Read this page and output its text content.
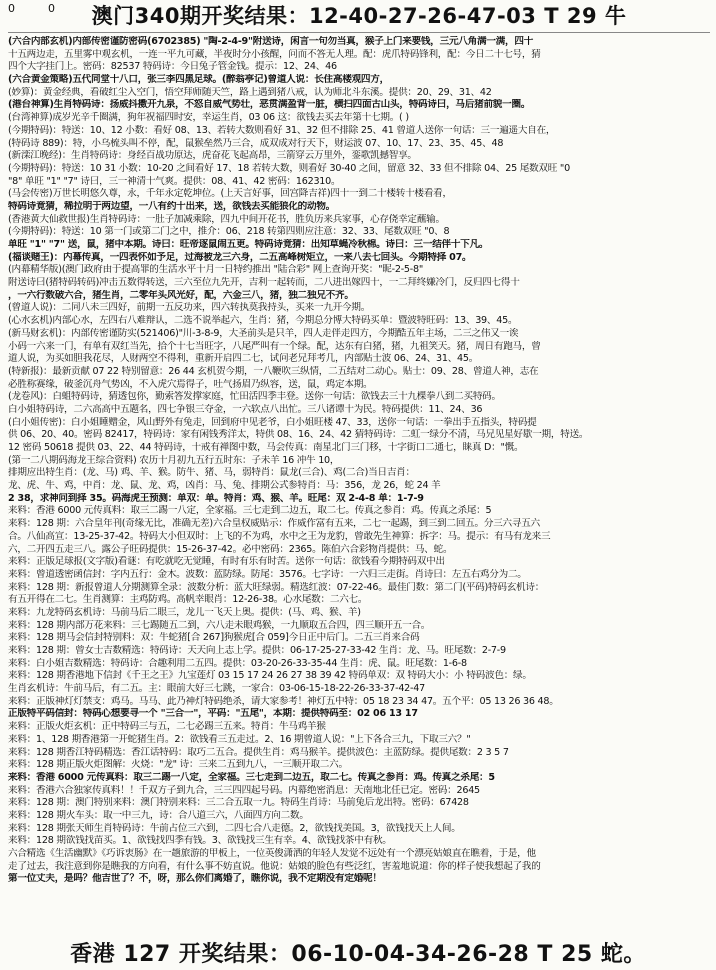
0	0 澳门340期开奖结果：12-40-27-26-47-03 T 29 牛
(六合内部玄机)内部传密谨防密码(6702385) "陶-2-4-9"附送诗，闲言一句勿当真，猴子上门来要钱，三元八角满一满，四十
十五两边走，五里雾中观玄机，一连一平九可藏，半夜时分小孩醒，问而不答无人理。配：虎爪特码锋利，配：今日二十七号，猜
四个大字挂门上。密码：82537 特码诗：今日兔子管金钱。提示：12、24、46
(六合黄金策略)五代同堂十八口，张三李四黑足球。(醉翁亭记)曾道人说：长住高楼观四方，
(妙算)：黄金经典，看破红尘入空门，悟空拜师随天竺，路上遇到猪八戒，认为师北斗东溪。提供：20、29、31、42
(港台神算)生肖特码诗：扬威抖擞开九泉，不怒自威气势壮，恶贯满盈背一脏，横扫四面古山头，特码诗曰，马后猪前貌一圈。
(台湾神算)成岁光辛千圈满，狗年祝福四时安，幸运生肖，03 06 这：欲钱去买去年第十七期。( )
(今期特码)：特送：10、12 小数：看好 08、13、若转大数则看好 31、32 但不排除 25、41 曾道人送你一句话：三一遍遥大自在，
(特码诗 889)：特，小乌梳头叫不停，配，鼠猴垒然乃三合，成双成对行天下，财运波 07、10、17、23、35、45、48
(新滦江晚经)：生肖特码诗：身经百战功原达，虎奋花飞起高昂，三箭穿云万里外，銮歌凯撼智享。
(今期特码)：特送：10 31 小数：10-20 之间看好 17、18 若转大数，则看好 30-40 之间，留意 32、33 但不排除 04、25 尾数双旺 "0
"8" 单旺 "1" "7" 诗曰，三一神清十气爽。提供：08、41、42 密码：162310。
(马会传密)万世长明悠久尊，永，千年永定乾坤位。(上天言好事，回宫降吉祥)四十一到二十楼转十楼看看，
特码诗竟猜，稀拉明于两边望，一八有约十出来，送，欲钱去买能狼化的动物。
(香港黄大仙救世报)生肖特码诗：一肚子加减乘除，四九中间开花书，胜负历来兵家事，心存侥幸定蘸输。
(今期特码)：特送：10 第一门或第二门之中，推介：06、218 转第四则应注意：32、33、尾数双旺 "0、8
单旺 "1" "7" 送，鼠，猪中本期。诗曰：旺帝逐鼠闹五更。特码诗竟猜：出知草蝇冷秋棉。诗曰：三一结伴十下凡。
(福谈赌王)：内幕传真，一四表怀如予足，过海被龙三六身，二五高峰树矩立，一来八去七回头。今期特择 07。
(内幕精华版)(澳门政府由于提高罪的生活水平十月一日特约推出 "陆合彩" 网上查询开奖："昵-2-5-8"
附送诗曰(猪特码转码)冲击五数得转送，三六至位九先开，吉利一起转而，二八进出嫁四十，一二拜终嫌冷门，反归四七得十
，一六行数破六合，猪生肖，二零年头风光好，配，六金三八，猪，独二独兄不齐。
(曾道人说)：二同八未三四好，前期一五反功来，四六转执莫我持头，买来一九开今期。
(心水玄机)内部心水，左四右八难辩认，二选不说举起六，生肖：猪，今期总分博大特码买单：暨波特旺码：13、39、45。
(新马财玄机)：内部传密谨防实(521406)"川-3-8-9，大圣前头是只羊，四人走伴走四方，今期酷五年主场，二三之伟又一诶
小码一六来一门，有单有双红当先，拾个十七当旺字，八尾严叫有一个绿。配，达东有白猪，猪，九祖笑天。猪，周日有跑马，曾
道人说，为买如胆我花尽，人财两空不得利，重新开启四二七，试问老兄拜考几，内部贴士波 06、24、31、45。
(特新报)：最新贡献 07 22 特别留意：26 44 玄机贺今期，一八鞭吹三纵情，二五结对二动心。贴士：09、28、曾道人神，志在
必胜称赛缘，破釜沉舟气势凶，不入虎穴焉得子，吐气扬眉乃纵容，送，鼠，鸡定本期。
(龙卷风)：白蛆特码诗，猜透包你，勤索答发撑家庭，忙田活四季丰登。送你一句话：欲钱去三十九棵拳八到二买特码。
白小姐特码诗，二六高高中五题名，四七争银三夺金，一六软点八出忙。三八诸谭十为民。特码提供：11、24、36
(白小姐传密)：白小姐睡赠金，风山野外有兔走，回到府中见老爷，白小姐旺楼 47、33，送你一句话：一拳出手五指头，特码提
供 06、20、40。密码 82417，特码诗：家有闲钱秀洋太，特供 08、16、24、42 猜特码诗：二虹一绿分不清，马兄见星好歇一期，特送。
12 密码 50618 提供 03、22、44 特码诗，十戒有禅图中数，马会传真：南星北门三门移，十字街口二通七，睐真 D："慨。
(第一二八期码海龙王综合资料) 农历十月初九五行五时东：子未羊 16 冲牛 10，
排期应出特生肖：(龙、马) 鸡、羊、猴。防牛、猪、马，弱特肖：鼠龙(三合)、鸡(二合)当日吉肖：
龙、虎、牛、鸡，中肖：龙、鼠、龙、鸡，凶肖：马、兔、排期公式参特肖：马：356，龙 26，蛇 24 羊
2 38，求神问到择 35。码海虎王预测：单双：单。特肖：鸡、猴、羊。旺尾：双 2-4-8 单：1-7-9
来料：香港 6000 元传真料：取三二踢一八定，全家福。三七走到二边五，取二七。传真之参肖：鸡。传真之杀尾：5
来料：128 期：六合皇年刊(奇缘无比，准确无差)六合皇权威贴示：作威作富有五来，二七一起踢，到三到二回五。分三六寻五六
合。八仙高宣：13-25-37-42。特码大小但双时：上飞的不为鸡，水中之王为龙豹，曾敢先生神算：拆字：马。提示：有马有龙来三
六，二开四五走三八。露公子旺码提供：15-26-37-42。必中密码：2365。陈伯六合彩物肖提供：马、蛇。
来料：正版足球报(文字版)看谜：有吃就吃无觉睡，有时有乐有时苦。送你一句话：欲钱看今期特码双中出
来料：曾道透密函信封：字内五行：金木。波数：蓝防绿。防尾：3576。七字诗：一六归三走街。肖诗曰：左五右鸡分为二。
来料：128 期：新报曾道人分期测算全录：波数分析：蓝大旺绿弱。精选红波：07-22-46。最佳门数：第二门(平码)特码玄机诗：
有五开得在二七。生肖测算：主鸡防鸡。高帆幸眼肖：12-26-38。心水尾数：二六七。
来料：九龙特码玄机诗：马前马后二眼三，龙儿一飞天上奥。提供：(马、鸡、猴、羊)
来料：128 期内部万花来料：三七踢随五二到，六八走未眼鸡猴，一九顺取五合四，四三顺开五一合。
来料：128 期马会信封特别料：双：牛蛇猪[合 267]狗猴虎[合 059]今日正中后门。二五三肖来合码
来料：128 期：曾女士吉数精选：特码诗：天天向上志上学。提供：06-17-25-27-33-42 生肖：龙、马。旺尾数：2-7-9
来料：白小姐吉数精选：特码诗：合趣利用二五四。提供：03-20-26-33-35-44 生肖：虎、鼠。旺尾数：1-6-8
来料：128 期香港地下信封《千王之王》九宝莲灯 03 15 17 24 26 27 38 39 42 特码单双：双 特码大小：小 特码波色：绿。
生肖玄机诗：牛前马后，有二五。主：眼前大好三七跳，一家合：03-06-15-18-22-26-33-37-42-47
来料：正版神灯灯禁支：鸡马。马马、此乃神灯特码绝杀，请大家参考！神灯五中特：05 18 23 34 47。五个平：05 13 26 36 48。
正版特平码信封：特码心想要寻一个 "三合一"，平码："五尾"，本期：提供特码至：02 06 13 17
来料：正版火炬玄机：正中特码三与五，二七必踢三五来。特肖：牛马鸡羊猴
来料：1、128 期香港第一开蛇猪生肖。2：欲钱看三五走过。2、16 期曾道人说："上下各合三九，下取三六？"
来料：128 期香江特码精选：香江话特码：取巧二五合。提供生肖：鸡马猴羊。提供波色：主蓝防绿。提供尾数：2 3 5 7
来料：128 期正版火炬图解：火烧："龙" 诗：三来二五到九八，一三顺开取二六。
来料：香港 6000 元传真料：取三二踢一八定，全家福。三七走到二边五，取二七。传真之参肖：鸡。传真之杀尾：5
来料：香港六合独家传真料！！千双方子到九合，三三四四起号码。内幕绝密消息：天南地北任已定。密码：2645
来料：128 期：澳门特别来料：澳门特别来料：三二合五取一九。特码生肖诗：马前兔后龙出特。密码：67428
来料：128 期火车头：取一中三九，诗：合八道三六，八面四方向二数。
来料：128 期张天师生肖特码诗：牛前占位三六到，二四七合八走德。2，欲钱找美国。3，欲钱找天上人间。
来料：128 期欲钱找苗买。1、欲钱找四季有钱。3、欲钱找三生有幸。4、欲钱找茶中有秋。
六合精选《生活幽默》《巧诉衷肠》在一趟旅游的甲板上，一位英俊潇洒的年轻人发觉不远处有一个漂亮姑娘直在瞧着，于是，他
走了过去，我注意到你是瞧我的方向看，有什么事不妨直说。他说：姑娘的脸色有些泛红，害羞地说道：你的样子使我想起了我的
第一位丈夫，是吗？他吉世了？不，呀，那么你们离婚了，瞧你说，我不定期没有定婚呢！
香港 127 开奖结果：06-10-04-34-26-28 T 25 蛇。
